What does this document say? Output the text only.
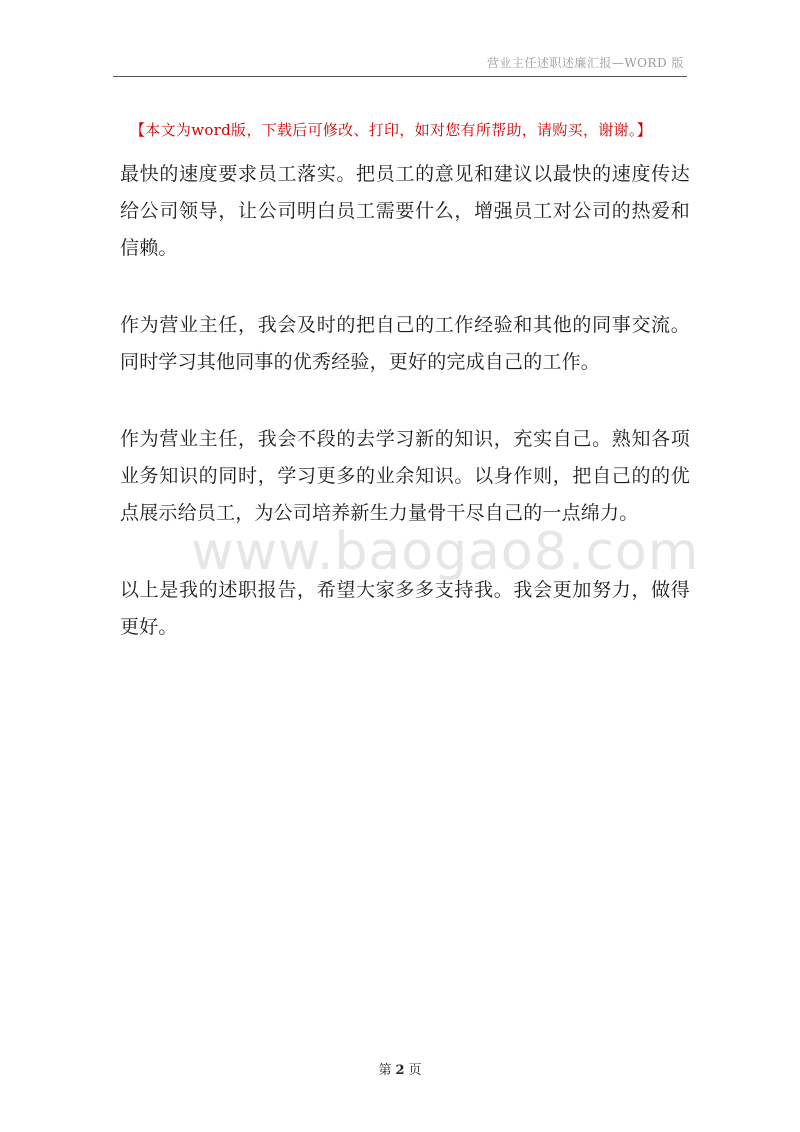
营业主任述职述廉汇报—WORD 版
【本文为word版，下载后可修改、打印，如对您有所帮助，请购买，谢谢。】

最快的速度要求员工落实。把员工的意见和建议以最快的速度传达给公司领导，让公司明白员工需要什么，增强员工对公司的热爱和信赖。

作为营业主任，我会及时的把自己的工作经验和其他的同事交流。同时学习其他同事的优秀经验，更好的完成自己的工作。

作为营业主任，我会不段的去学习新的知识，充实自己。熟知各项业务知识的同时，学习更多的业余知识。以身作则，把自己的的优点展示给员工，为公司培养新生力量骨干尽自己的一点绵力。

以上是我的述职报告，希望大家多多支持我。我会更加努力，做得更好。

www.baogao8.com
第 2 页
